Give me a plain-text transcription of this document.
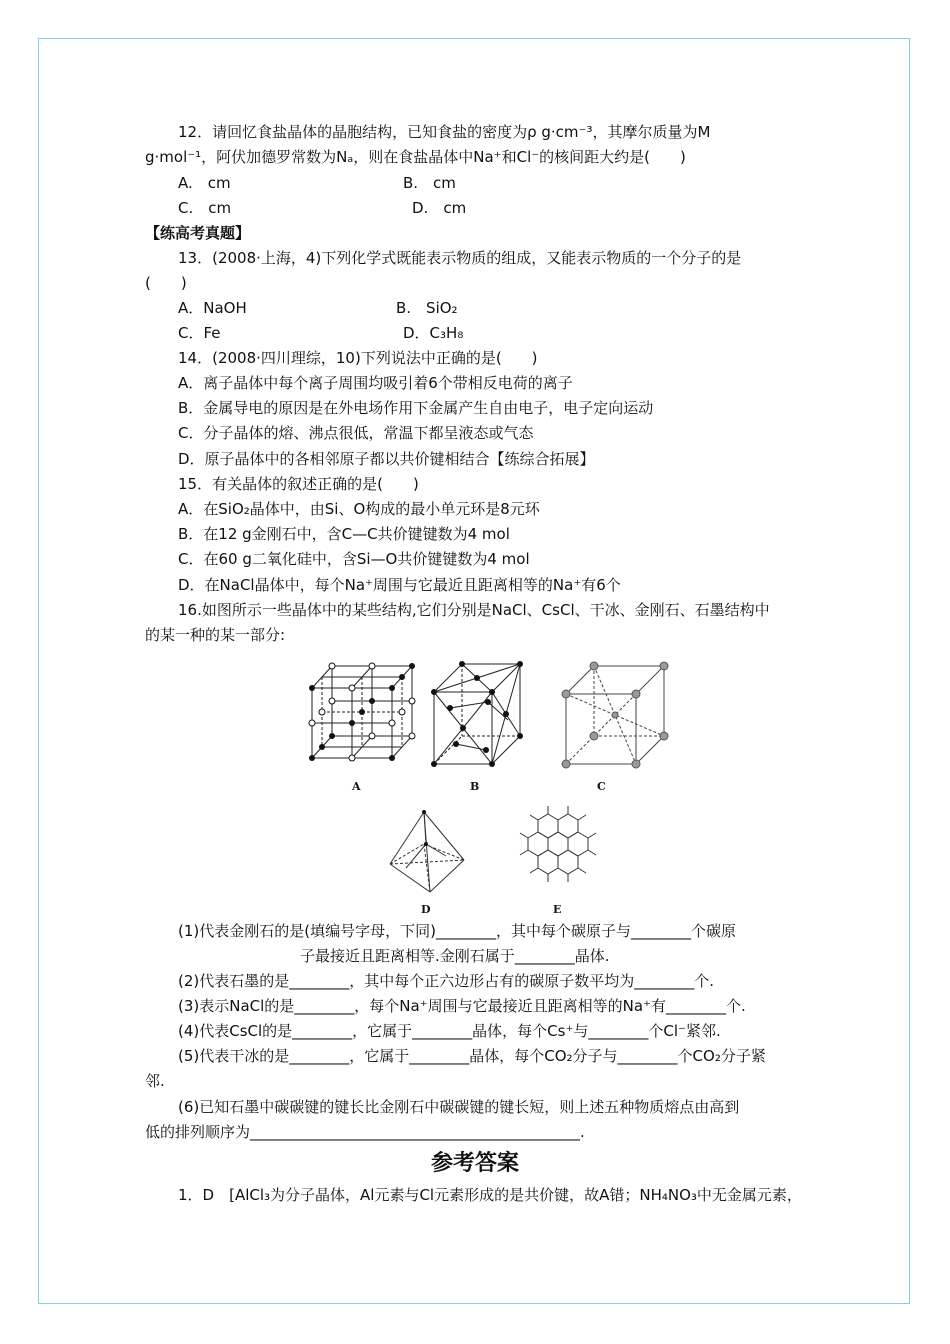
12．请回忆食盐晶体的晶胞结构，已知食盐的密度为ρ g·cm⁻³，其摩尔质量为M
g·mol⁻¹，阿伏加德罗常数为Nₐ，则在食盐晶体中Na⁺和Cl⁻的核间距大约是(　　)
A.　cm	B.　cm
C.　cm	D.　cm
【练高考真题】
13．(2008·上海，4)下列化学式既能表示物质的组成，又能表示物质的一个分子的是
(　　)
A．NaOH	B.　SiO₂
C．Fe	D．C₃H₈
14．(2008·四川理综，10)下列说法中正确的是(　　)
A．离子晶体中每个离子周围均吸引着6个带相反电荷的离子
B．金属导电的原因是在外电场作用下金属产生自由电子，电子定向运动
C．分子晶体的熔、沸点很低，常温下都呈液态或气态
D．原子晶体中的各相邻原子都以共价键相结合【练综合拓展】
15．有关晶体的叙述正确的是(　　)
A．在SiO₂晶体中，由Si、O构成的最小单元环是8元环
B．在12 g金刚石中，含C—C共价键键数为4 mol
C．在60 g二氧化硅中，含Si—O共价键键数为4 mol
D．在NaCl晶体中，每个Na⁺周围与它最近且距离相等的Na⁺有6个
16.如图所示一些晶体中的某些结构,它们分别是NaCl、CsCl、干冰、金刚石、石墨结构中
的某一种的某一部分:
A	B	C
D	E
(1)代表金刚石的是(填编号字母，下同)________，其中每个碳原子与________个碳原
子最接近且距离相等.金刚石属于________晶体.
(2)代表石墨的是________，其中每个正六边形占有的碳原子数平均为________个.
(3)表示NaCl的是________，每个Na⁺周围与它最接近且距离相等的Na⁺有________个.
(4)代表CsCl的是________，它属于________晶体，每个Cs⁺与________个Cl⁻紧邻.
(5)代表干冰的是________，它属于________晶体，每个CO₂分子与________个CO₂分子紧
邻.
(6)已知石墨中碳碳键的键长比金刚石中碳碳键的键长短，则上述五种物质熔点由高到
低的排列顺序为____________________________________________.
参考答案
1．D　[AlCl₃为分子晶体，Al元素与Cl元素形成的是共价键，故A错；NH₄NO₃中无金属元素，
